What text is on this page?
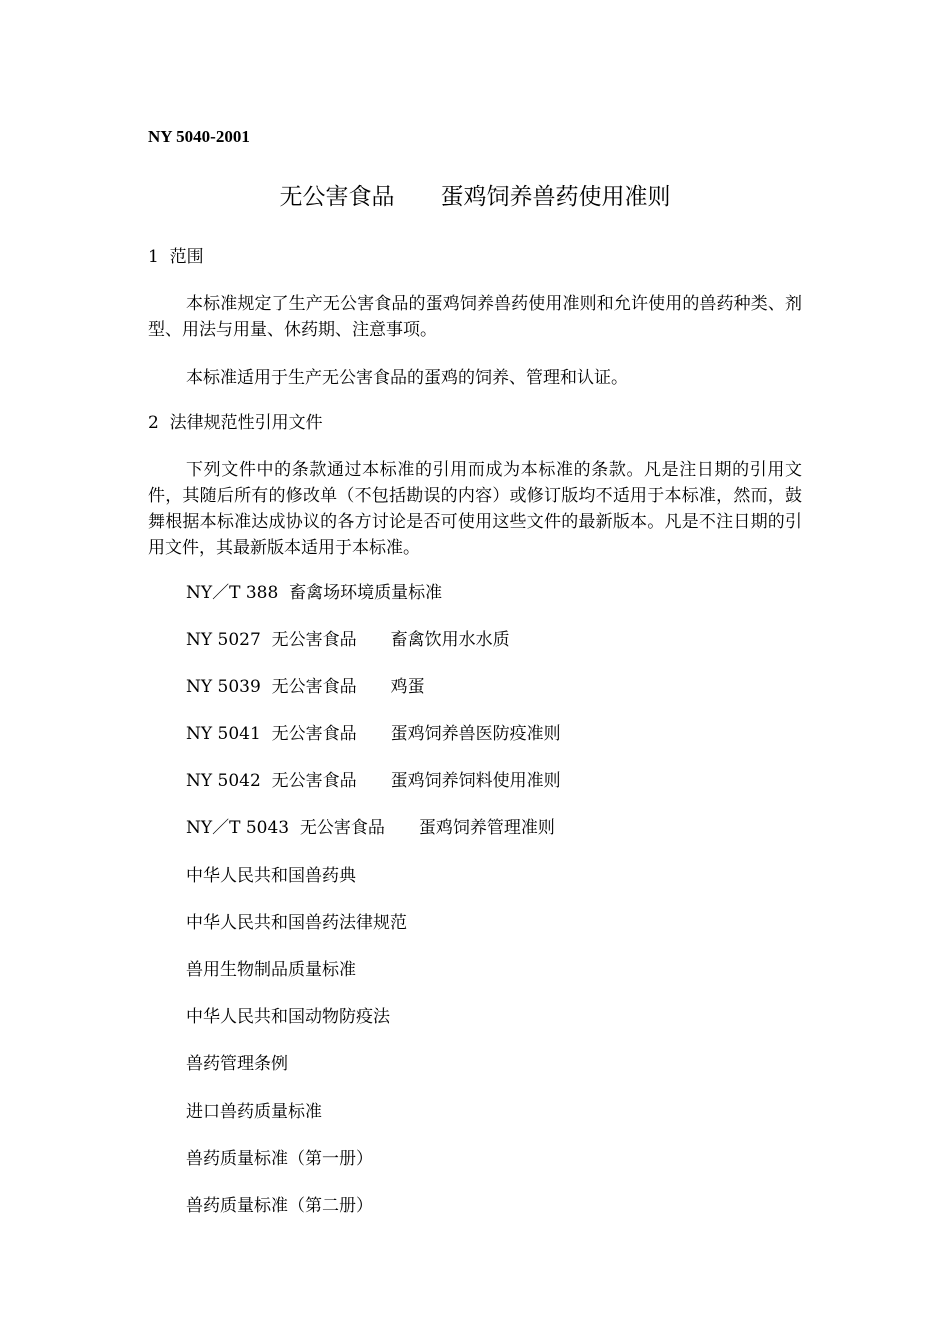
NY 5040-2001
无公害食品　　蛋鸡饲养兽药使用准则
1  范围
本标准规定了生产无公害食品的蛋鸡饲养兽药使用准则和允许使用的兽药种类、剂型、用法与用量、休药期、注意事项。
本标准适用于生产无公害食品的蛋鸡的饲养、管理和认证。
2  法律规范性引用文件
下列文件中的条款通过本标准的引用而成为本标准的条款。凡是注日期的引用文件，其随后所有的修改单（不包括勘误的内容）或修订版均不适用于本标准，然而，鼓舞根据本标准达成协议的各方讨论是否可使用这些文件的最新版本。凡是不注日期的引用文件，其最新版本适用于本标准。
NY／T 388  畜禽场环境质量标准
NY 5027  无公害食品　　畜禽饮用水水质
NY 5039  无公害食品　　鸡蛋
NY 5041  无公害食品　　蛋鸡饲养兽医防疫准则
NY 5042  无公害食品　　蛋鸡饲养饲料使用准则
NY／T 5043  无公害食品　　蛋鸡饲养管理准则
中华人民共和国兽药典
中华人民共和国兽药法律规范
兽用生物制品质量标准
中华人民共和国动物防疫法
兽药管理条例
进口兽药质量标准
兽药质量标准（第一册）
兽药质量标准（第二册）
